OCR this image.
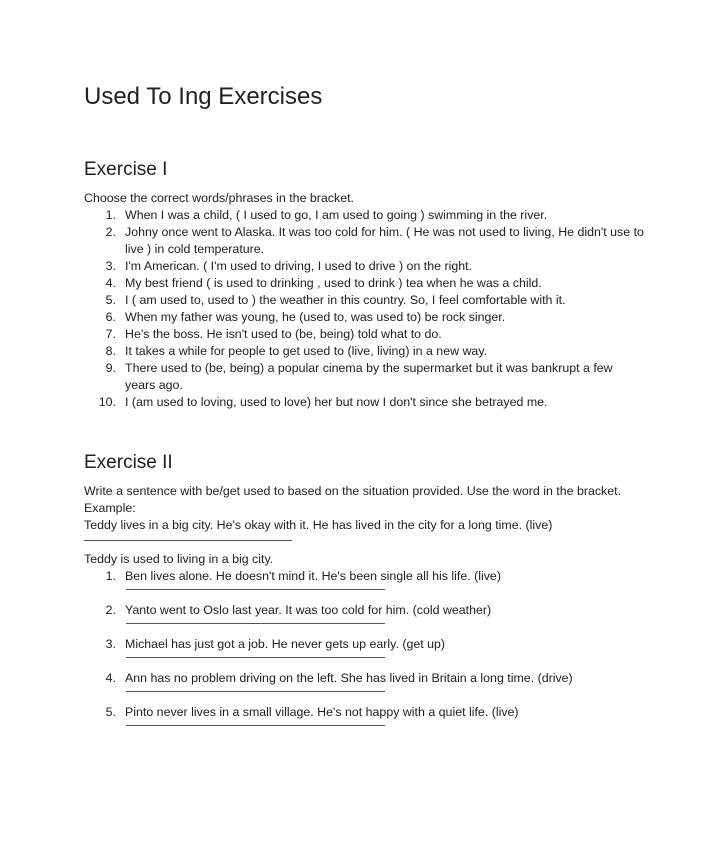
Used To Ing Exercises
Exercise I
Choose the correct words/phrases in the bracket.
1. When I was a child, ( I used to go, I am used to going ) swimming in the river.
2. Johny once went to Alaska. It was too cold for him. ( He was not used to living, He didn't use to live ) in cold temperature.
3. I'm American. ( I'm used to driving, I used to drive ) on the right.
4. My best friend ( is used to drinking , used to drink ) tea when he was a child.
5. I ( am used to, used to ) the weather in this country. So, I feel comfortable with it.
6. When my father was young, he (used to, was used to) be rock singer.
7. He's the boss. He isn't used to (be, being) told what to do.
8. It takes a while for people to get used to (live, living) in a new way.
9. There used to (be, being) a popular cinema by the supermarket but it was bankrupt a few years ago.
10. I (am used to loving, used to love) her but now I don't since she betrayed me.
Exercise II
Write a sentence with be/get used to based on the situation provided. Use the word in the bracket.
Example:
Teddy lives in a big city. He's okay with it. He has lived in the city for a long time. (live)
Teddy is used to living in a big city.
1. Ben lives alone. He doesn't mind it. He's been single all his life. (live)
2. Yanto went to Oslo last year. It was too cold for him. (cold weather)
3. Michael has just got a job. He never gets up early. (get up)
4. Ann has no problem driving on the left. She has lived in Britain a long time. (drive)
5. Pinto never lives in a small village. He's not happy with a quiet life. (live)
